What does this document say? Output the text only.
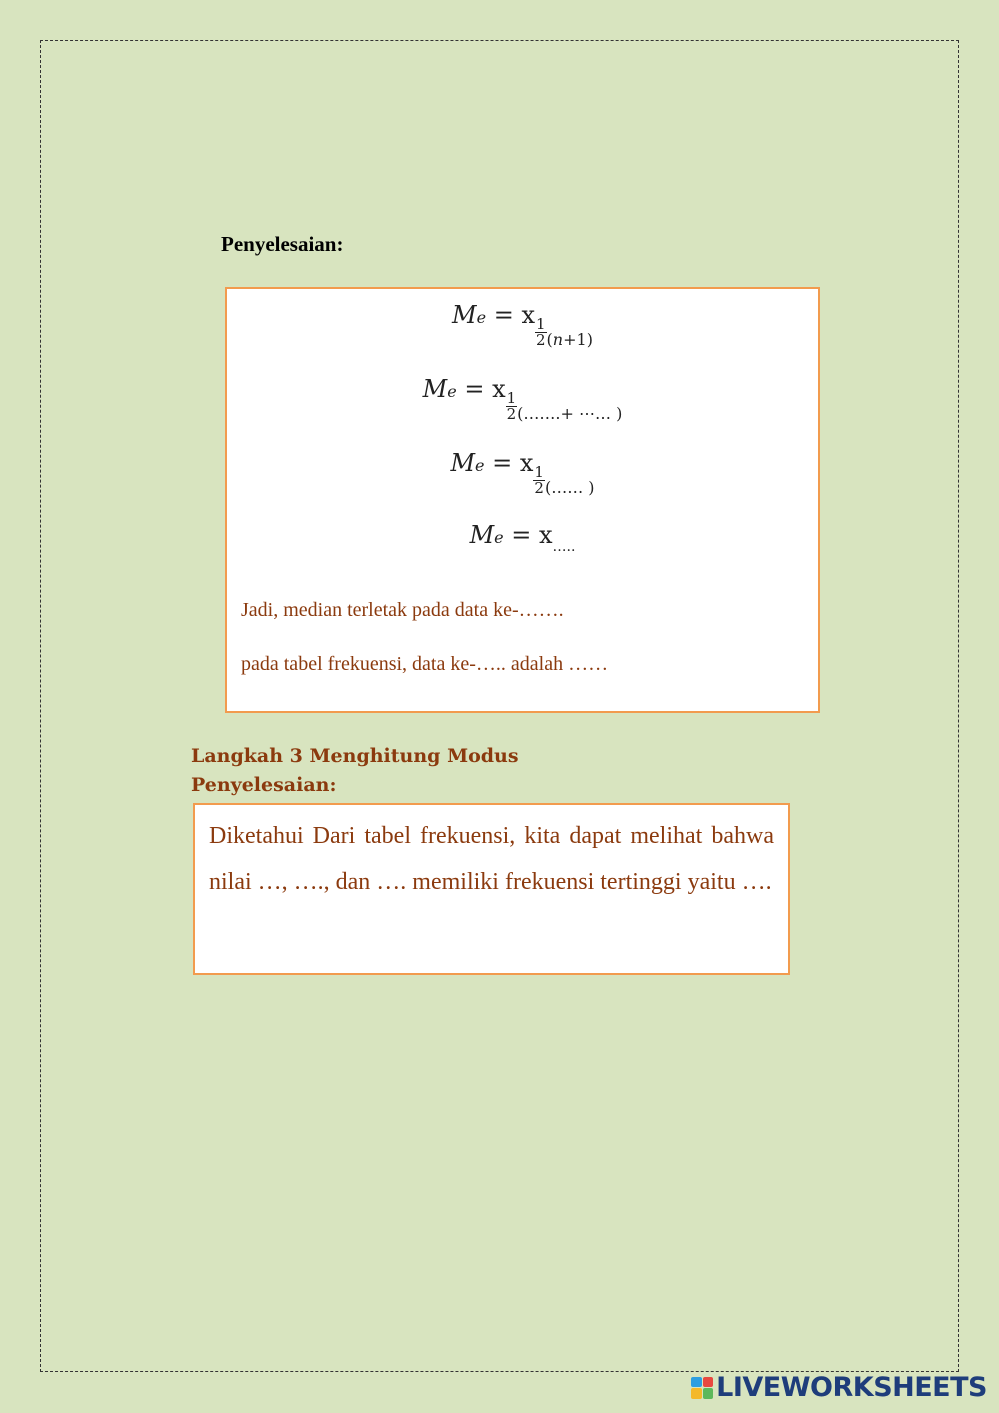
Penyelesaian:
Me = x
$\frac{1}{2} _{(n+1)}$
Me = x
$\frac{1}{2} _{(\dots\dots.+ \cdots\dots )}$
Me = x
$\frac{1}{2} _{(\dots\dots )}$
$Me = x_{\dots..}$
Jadi, median terletak pada data ke-…….
pada tabel frekuensi, data ke-….. adalah ……
Langkah 3 Menghitung Modus
Penyelesaian:

Diketahui Dari tabel frekuensi, kita dapat melihat bahwa nilai …, …., dan …. memiliki frekuensi tertinggi yaitu ….

LIVEWORKSHEETS
